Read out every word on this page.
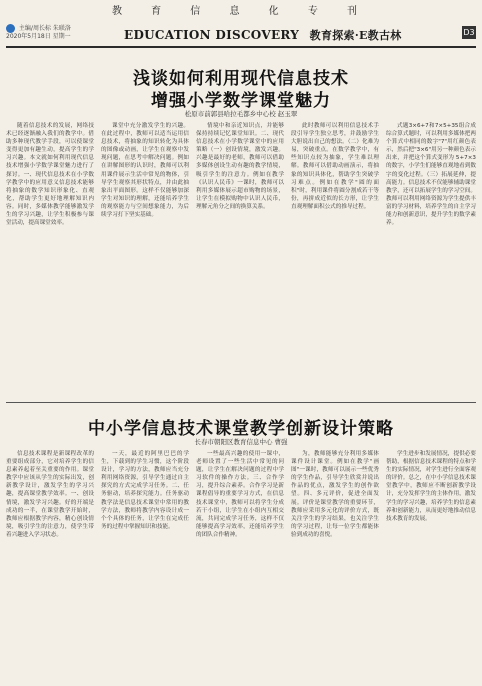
教 育 信 息 化 专 刊
主编/周长标 朱联洛
2020年5月18日 星期一	EDUCATION DISCOVERY 教育探索·E教古林	D3
浅谈如何利用现代信息技术
增强小学数学课堂魅力
松原市前郭县哈拉毛都乡中心校 赵玉翠

随着信息技术的发展，网络技术已经逐渐融入我们的教学中。借助多种现代教学手段，可以使课堂变得更加有趣生动，提高学生的学习兴趣。本文就如何利用现代信息技术增强小学数学课堂魅力进行了探讨。一、现代信息技术在小学数学教学中的应用意义信息技术能够将抽象的数学知识形象化、直观化，帮助学生更好地理解知识内容。同时，多媒体教学能够激发学生的学习兴趣，让学生积极参与课堂活动，提高课堂效率。

课堂中充分激发学生的兴趣。在此过程中，教师可以适当运用信息技术，将抽象的知识转化为具体的图像或动画，让学生在观察中发现问题，在思考中解决问题。例如在讲解图形的认识时，教师可以利用课件展示生活中常见的物体，引导学生观察其形状特点，并由此抽象出平面图形。这样不仅能够加深学生对知识的理解，还能培养学生的观察能力与空间想象能力，为后续学习打下坚实基础。

情境中和亲近知识点，并能够保持持续记忆课堂知识。二、现代信息技术在小学数学课堂中的应用策略（一）创设情境，激发兴趣。兴趣是最好的老师，教师可以借助多媒体创设生动有趣的教学情境，吸引学生的注意力。例如在教学《认识人民币》一课时，教师可以利用多媒体展示超市购物的场景，让学生在模拟购物中认识人民币，理解元角分之间的换算关系。

此时教师可以利用信息技术手段引导学生独立思考，并鼓励学生大胆说出自己的想法。（二）化难为易，突破重点。在数学教学中，有些知识点较为抽象，学生难以理解。教师可以借助动画演示，将抽象的知识具体化，帮助学生突破学习难点。例如在教学"圆的面积"时，利用课件将圆分割成若干等份，再拼成近似的长方形，让学生直观理解面积公式的推导过程。

式题3×6+7和7×5+35组合成综合算式题时，可以利用多媒体把两个算式中相同的数字"7"用红颜色表示，然后把"3×6"用另一种颜色表示出来，并把这个算式变形为 5+7×3 的数字，小学生们能够直观地看到数字的变化过程。（三）拓展延伸，提高能力。信息技术不仅能够辅助课堂教学，还可以拓展学生的学习空间。教师可以利用网络资源为学生提供丰富的学习材料，培养学生的自主学习能力和创新意识，提升学生的数学素养。

中小学信息技术课堂教学创新设计策略
长春市朝阳区教育信息中心 曹强

信息技术课程是新课程改革的重要组成部分，它对培养学生的信息素养起着至关重要的作用。课堂教学中应该从学生的实际出发，创新教学设计，激发学生的学习兴趣，提高课堂教学效率。一、创设情境，激发学习兴趣。好的开端是成功的一半，在课堂教学开始时，教师应根据教学内容，精心创设情境，吸引学生的注意力，使学生带着兴趣进入学习状态。

一天，最近的阿里巴巴的学生，下载到的学生习惯，这个阶段设计，学习的方法，教师应当充分利用网络资源，引导学生通过自主探究的方式完成学习任务。二、任务驱动，培养探究能力。任务驱动教学法是信息技术课堂中常用的教学方法，教师将教学内容设计成一个个具体的任务，让学生在完成任务的过程中掌握知识和技能。

一些最高兴趣的使用一课中，老师设置了一些生活中常见的问题，让学生在解决问题的过程中学习软件的操作方法。三、合作学习，提升综合素养。合作学习是新课程倡导的重要学习方式，在信息技术课堂中，教师可以将学生分成若干小组，让学生在小组内互相交流，共同完成学习任务，这样不仅能够提高学习效率，还能培养学生的团队合作精神。

为，教师能够充分利用多媒体课件设计课堂。例如在教学"画图"一课时，教师可以展示一些优秀的学生作品，引导学生欣赏并说出作品的优点，激发学生的创作欲望。四、多元评价，促进全面发展。评价是课堂教学的重要环节，教师应采用多元化的评价方式，既关注学生的学习结果，也关注学生的学习过程，让每一位学生都能体验到成功的喜悦。

学生进步和发展情况，提供必要帮助，根据信息技术课程的特点和学生的实际情况，对学生进行全面客观的评价。总之，在中小学信息技术课堂教学中，教师应不断创新教学设计，充分发挥学生的主体作用，激发学生的学习兴趣，培养学生的信息素养和创新能力，从而更好地推动信息技术教育的发展。
